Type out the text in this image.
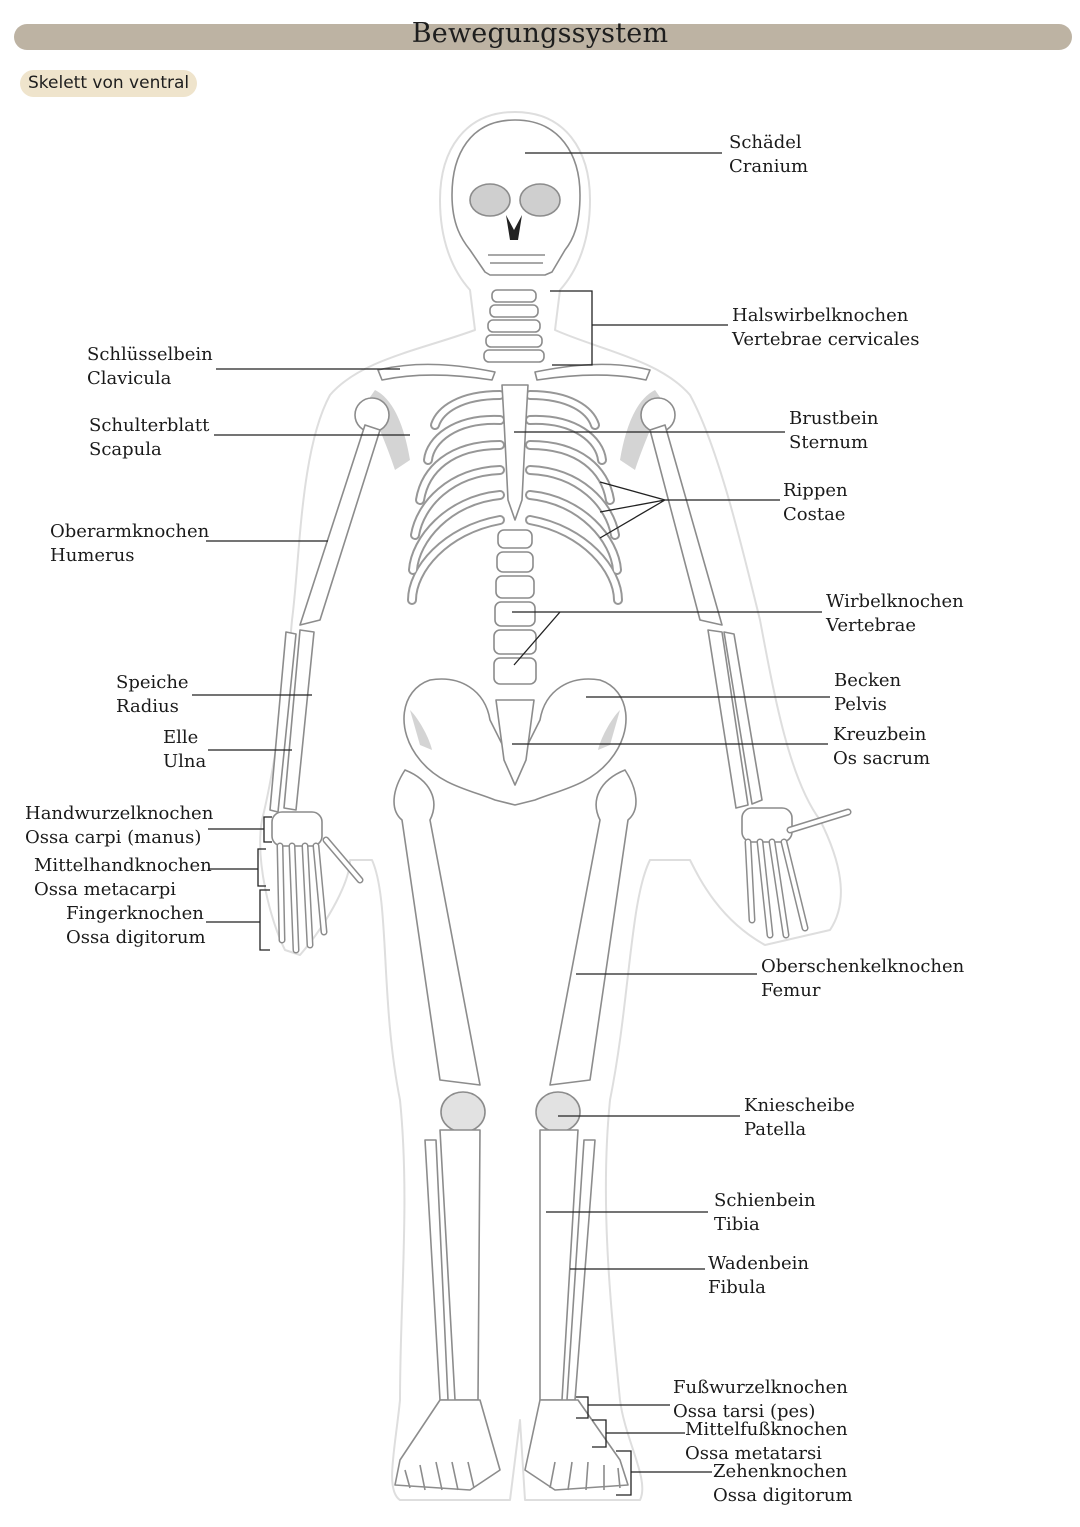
Bewegungssystem
Skelett von ventral
Schädel
Cranium
Halswirbelknochen
Vertebrae cervicales
Schlüsselbein
Clavicula
Schulterblatt
Scapula
Brustbein
Sternum
Rippen
Costae
Oberarmknochen
Humerus
Wirbelknochen
Vertebrae
Speiche
Radius
Becken
Pelvis
Elle
Ulna
Kreuzbein
Os sacrum
Handwurzelknochen
Ossa carpi (manus)
Mittelhandknochen
Ossa metacarpi
Fingerknochen
Ossa digitorum
Oberschenkelknochen
Femur
Kniescheibe
Patella
Schienbein
Tibia
Wadenbein
Fibula
Fußwurzelknochen
Ossa tarsi (pes)
Mittelfußknochen
Ossa metatarsi
Zehenknochen
Ossa digitorum
